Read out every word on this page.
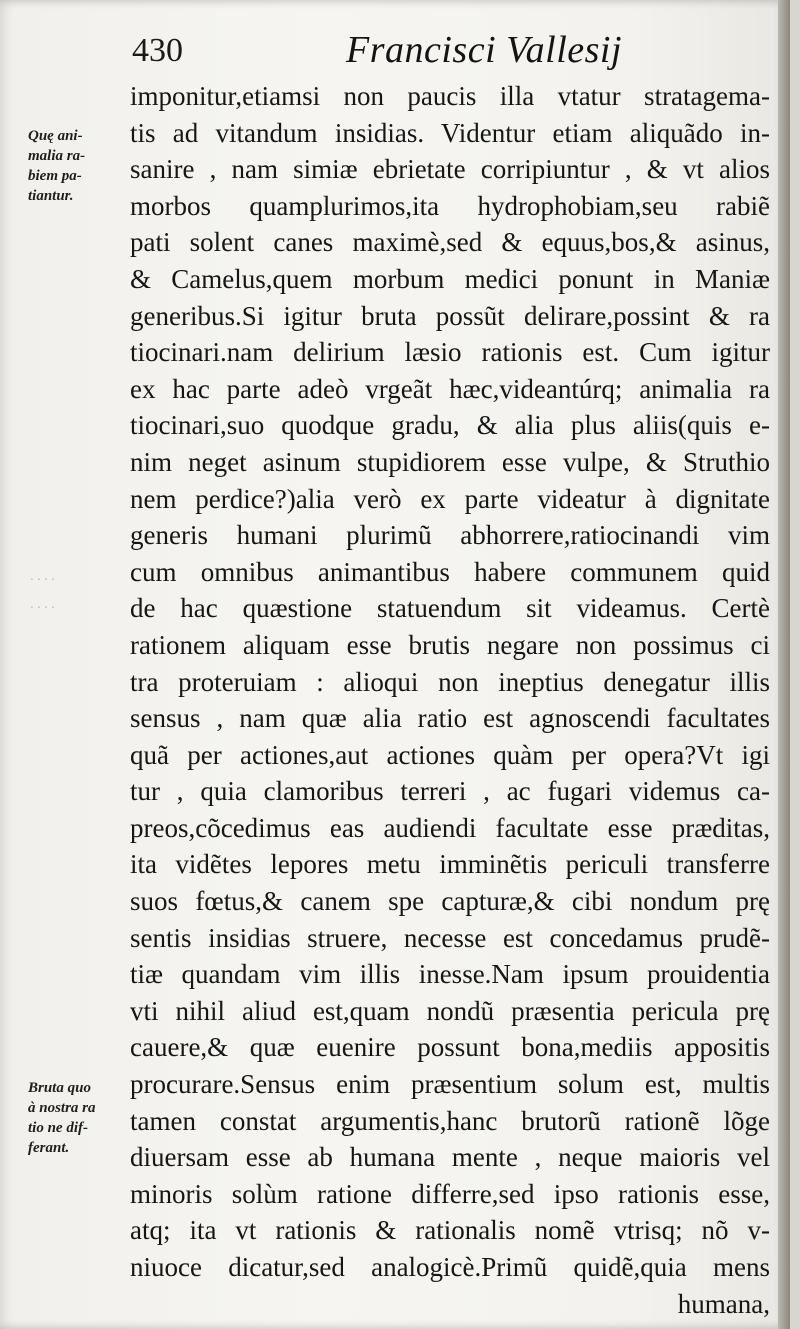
430	Francisci Vallesij
Quę ani-
malia ra-
biem pa-
tiantur.
· · · ·
· · · ·
Bruta quo
à nostra ra
tio ne dif-
ferant.
imponitur,etiamsi non paucis illa vtatur stratagema-
tis ad vitandum insidias. Videntur etiam aliquãdo in-
sanire , nam simiæ ebrietate corripiuntur , & vt alios
morbos quamplurimos,ita hydrophobiam,seu rabiẽ
pati solent canes maximè,sed & equus,bos,& asinus,
& Camelus,quem morbum medici ponunt in Maniæ
generibus.Si igitur bruta possũt delirare,possint & ra
tiocinari.nam delirium læsio rationis est. Cum igitur
ex hac parte adeò vrgeãt hæc,videantúrq; animalia ra
tiocinari,suo quodque gradu, & alia plus aliis(quis e-
nim neget asinum stupidiorem esse vulpe, & Struthio
nem perdice?)alia verò ex parte videatur à dignitate
generis humani plurimũ abhorrere,ratiocinandi vim
cum omnibus animantibus habere communem quid
de hac quæstione statuendum sit videamus. Certè
rationem aliquam esse brutis negare non possimus ci
tra proteruiam : alioqui non ineptius denegatur illis
sensus , nam quæ alia ratio est agnoscendi facultates
quã per actiones,aut actiones quàm per opera?Vt igi
tur , quia clamoribus terreri , ac fugari videmus ca-
preos,cõcedimus eas audiendi facultate esse præditas,
ita vidẽtes lepores metu imminẽtis periculi transferre
suos fœtus,& canem spe capturæ,& cibi nondum prę
sentis insidias struere, necesse est concedamus prudẽ-
tiæ quandam vim illis inesse.Nam ipsum prouidentia
vti nihil aliud est,quam nondũ præsentia pericula prę
cauere,& quæ euenire possunt bona,mediis appositis
procurare.Sensus enim præsentium solum est, multis
tamen constat argumentis,hanc brutorũ rationẽ lõge
diuersam esse ab humana mente , neque maioris vel
minoris solùm ratione differre,sed ipso rationis esse,
atq; ita vt rationis & rationalis nomẽ vtrisq; nõ v-
niuoce dicatur,sed analogicè.Primũ quidẽ,quia mens
humana,
